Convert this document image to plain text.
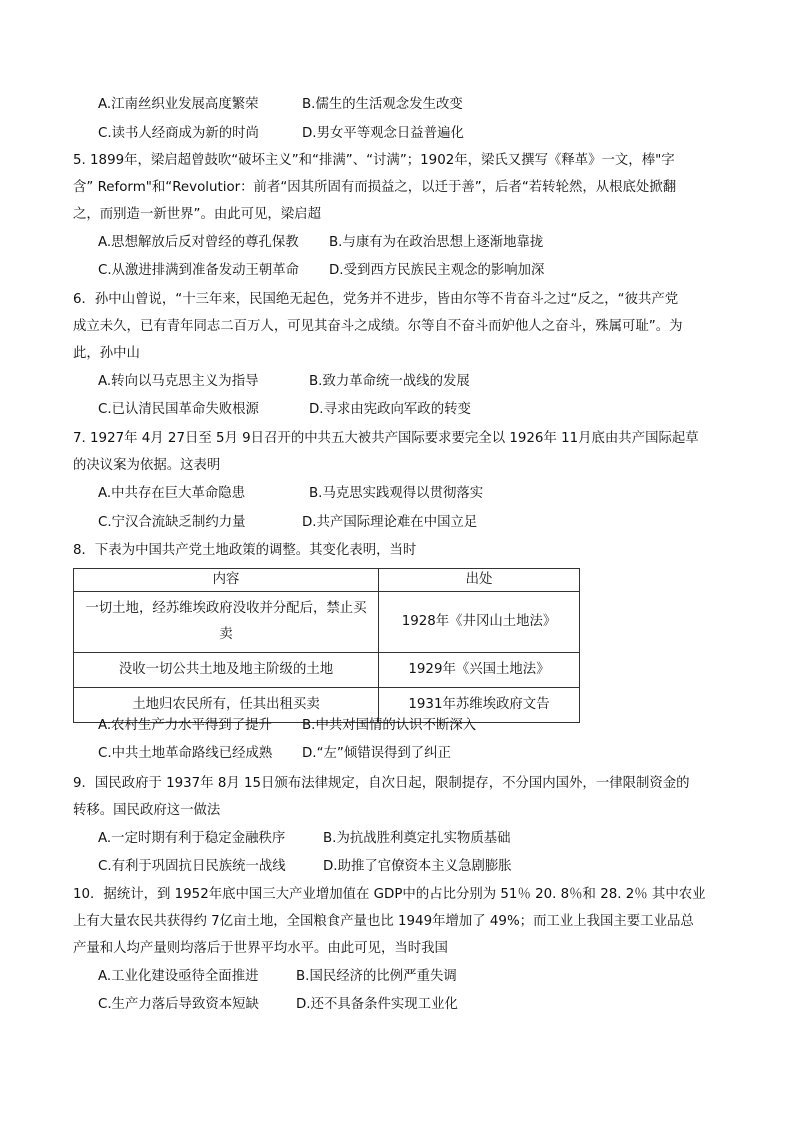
A.江南丝织业发展高度繁荣	B.儒生的生活观念发生改变
C.读书人经商成为新的时尚	D.男女平等观念日益普遍化
5. 1899年，梁启超曾鼓吹“破坏主义”和“排满”、“讨满”；1902年，梁氏又撰写《释革》一文，棒"字
含” Reform"和“Revolutior：前者“因其所固有而损益之，以迁于善”，后者“若转轮然，从根底处掀翻
之，而别造一新世界”。由此可见，梁启超
A.思想解放后反对曾经的尊孔保教 B.与康有为在政治思想上逐渐地靠拢
C.从激进排满到准备发动王朝革命 D.受到西方民族民主观念的影响加深
6．孙中山曾说，“十三年来，民国绝无起色，党务并不进步，皆由尔等不肯奋斗之过“反之，“彼共产党
成立未久，已有青年同志二百万人，可见其奋斗之成绩。尔等自不奋斗而妒他人之奋斗，殊属可耻”。为
此，孙中山
A.转向以马克思主义为指导	B.致力革命统一战线的发展
C.已认清民国革命失败根源	D.寻求由宪政向军政的转变
7. 1927年 4月 27日至 5月 9日召开的中共五大被共产国际要求要完全以 1926年 11月底由共产国际起草
的决议案为依据。这表明
A.中共存在巨大革命隐患	B.马克思实践观得以贯彻落实
C.宁汉合流缺乏制约力量	D.共产国际理论难在中国立足
8．下表为中国共产党土地政策的调整。其变化表明，当时
内容	出处
一切土地，经苏维埃政府没收并分配后，禁止买
卖	1928年《井冈山土地法》
没收一切公共土地及地主阶级的土地	1929年《兴国土地法》
土地归农民所有，任其出租买卖	1931年苏维埃政府文告
A.农村生产力水平得到了提升 B.中共对国情的认识不断深入
C.中共土地革命路线已经成熟 D.“左”倾错误得到了纠正
9．国民政府于 1937年 8月 15日颁布法律规定，自次日起，限制提存，不分国内国外，一律限制资金的
转移。国民政府这一做法
A.一定时期有利于稳定金融秩序	B.为抗战胜利奠定扎实物质基础
C.有利于巩固抗日民族统一战线	D.助推了官僚资本主义急剧膨胀
10．据统计，到 1952年底中国三大产业增加值在 GDP中的占比分别为 51％ 20. 8％和 28. 2％ 其中农业
上有大量农民共获得约 7亿亩土地，全国粮食产量也比 1949年增加了 49%；而工业上我国主要工业品总
产量和人均产量则均落后于世界平均水平。由此可见，当时我国
A.工业化建设亟待全面推进	B.国民经济的比例严重失调
C.生产力落后导致资本短缺	D.还不具备条件实现工业化
